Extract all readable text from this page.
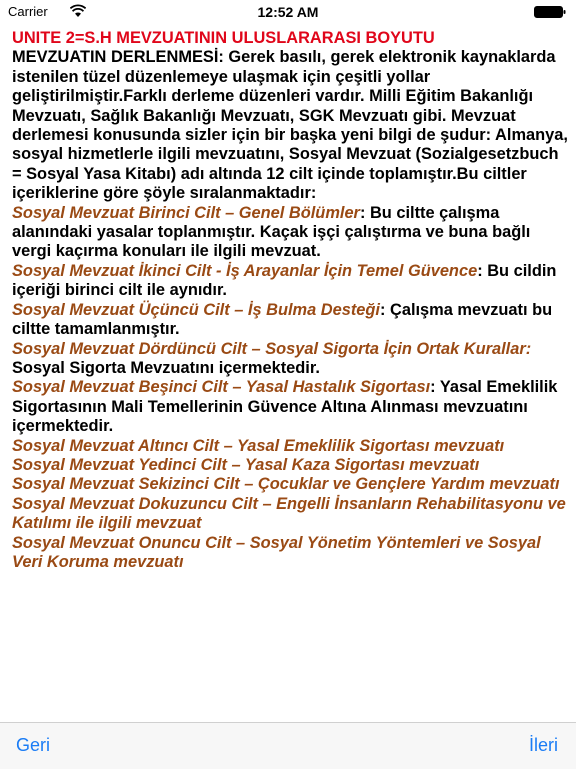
Carrier	12:52 AM

UNITE 2=S.H MEVZUATININ ULUSLARARASI BOYUTU
MEVZUATIN DERLENMESİ: Gerek basılı, gerek elektronik kaynaklarda istenilen tüzel düzenlemeye ulaşmak için çeşitli yollar geliştirilmiştir.Farklı derleme düzenleri vardır. Milli Eğitim Bakanlığı Mevzuatı, Sağlık Bakanlığı Mevzuatı, SGK Mevzuatı gibi. Mevzuat derlemesi konusunda sizler için bir başka yeni bilgi de şudur: Almanya, sosyal hizmetlerle ilgili mevzuatını, Sosyal Mevzuat (Sozialgesetzbuch = Sosyal Yasa Kitabı) adı altında 12 cilt içinde toplamıştır.Bu ciltler içeriklerine göre şöyle sıralanmaktadır:

Sosyal Mevzuat Birinci Cilt – Genel Bölümler: Bu ciltte çalışma alanındaki yasalar toplanmıştır. Kaçak işçi çalıştırma ve buna bağlı vergi kaçırma konuları ile ilgili mevzuat.

Sosyal Mevzuat İkinci Cilt - İş Arayanlar İçin Temel Güvence: Bu cildin içeriği birinci cilt ile aynıdır.

Sosyal Mevzuat Üçüncü Cilt – İş Bulma Desteği: Çalışma mevzuatı bu ciltte tamamlanmıştır.

Sosyal Mevzuat Dördüncü Cilt – Sosyal Sigorta İçin Ortak Kurallar: Sosyal Sigorta Mevzuatını içermektedir.

Sosyal Mevzuat Beşinci Cilt – Yasal Hastalık Sigortası: Yasal Emeklilik Sigortasının Mali Temellerinin Güvence Altına Alınması mevzuatını içermektedir.

Sosyal Mevzuat Altıncı Cilt – Yasal Emeklilik Sigortası mevzuatı

Sosyal Mevzuat Yedinci Cilt – Yasal Kaza Sigortası mevzuatı

Sosyal Mevzuat Sekizinci Cilt – Çocuklar ve Gençlere Yardım mevzuatı

Sosyal Mevzuat Dokuzuncu Cilt – Engelli İnsanların Rehabilitasyonu ve Katılımı ile ilgili mevzuat

Sosyal Mevzuat Onuncu Cilt – Sosyal Yönetim Yöntemleri ve Sosyal Veri Koruma mevzuatı

Geri	İleri
